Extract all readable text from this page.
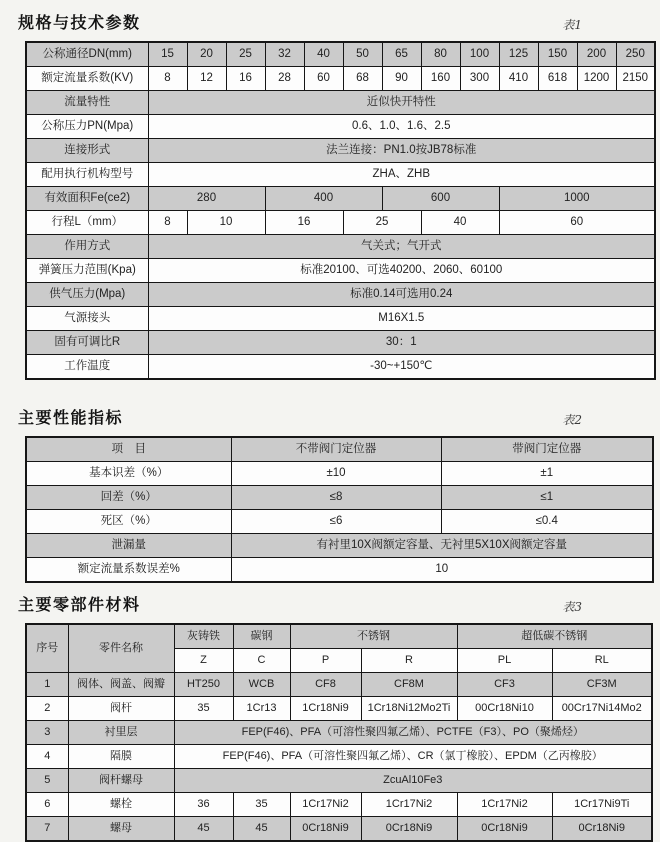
规格与技术参数	表1
公称通径DN(mm)	15	20	25	32	40	50	65	80	100	125	150	200	250
额定流量系数(KV)	8	12	16	28	60	68	90	160	300	410	618	1200	2150
流量特性	近似快开特性												
公称压力PN(Mpa)	0.6、1.0、1.6、2.5												
连接形式	法兰连接：PN1.0按JB78标准												
配用执行机构型号	ZHA、ZHB												
有效面积Fe(ce2)	280			400			600			1000			
行程L（mm）	8	10		16		25		40		60			
作用方式	气关式；气开式												
弹簧压力范围(Kpa)	标准20100、可选40200、2060、60100												
供气压力(Mpa)	标准0.14可选用0.24												
气源接头	M16X1.5												
固有可调比R	30：1												
工作温度	-30~+150℃												
主要性能指标	表2
项　目	不带阀门定位器	带阀门定位器
基本识差（%）	±10	±1
回差（%）	≤8	≤1
死区（%）	≤6	≤0.4
泄漏量	有衬里10X阀额定容量、无衬里5X10X阀额定容量	
额定流量系数误差%	10	
主要零部件材料	表3
序号	零件名称	灰铸铁	碳钢	不锈钢		超低碳不锈钢	
		Z	C	P	R	PL	RL
1	阀体、阀盖、阀瓣	HT250	WCB	CF8	CF8M	CF3	CF3M
2	阀杆	35	1Cr13	1Cr18Ni9	1Cr18Ni12Mo2Ti	00Cr18Ni10	00Cr17Ni14Mo2
3	衬里层	FEP(F46)、PFA（可溶性聚四氟乙烯）、PCTFE（F3）、PO（聚烯烃）					
4	隔膜	FEP(F46)、PFA（可溶性聚四氟乙烯）、CR（氯丁橡胶）、EPDM（乙丙橡胶）					
5	阀杆螺母	ZcuAl10Fe3					
6	螺栓	36	35	1Cr17Ni2	1Cr17Ni2	1Cr17Ni2	1Cr17Ni9Ti
7	螺母	45	45	0Cr18Ni9	0Cr18Ni9	0Cr18Ni9	0Cr18Ni9
